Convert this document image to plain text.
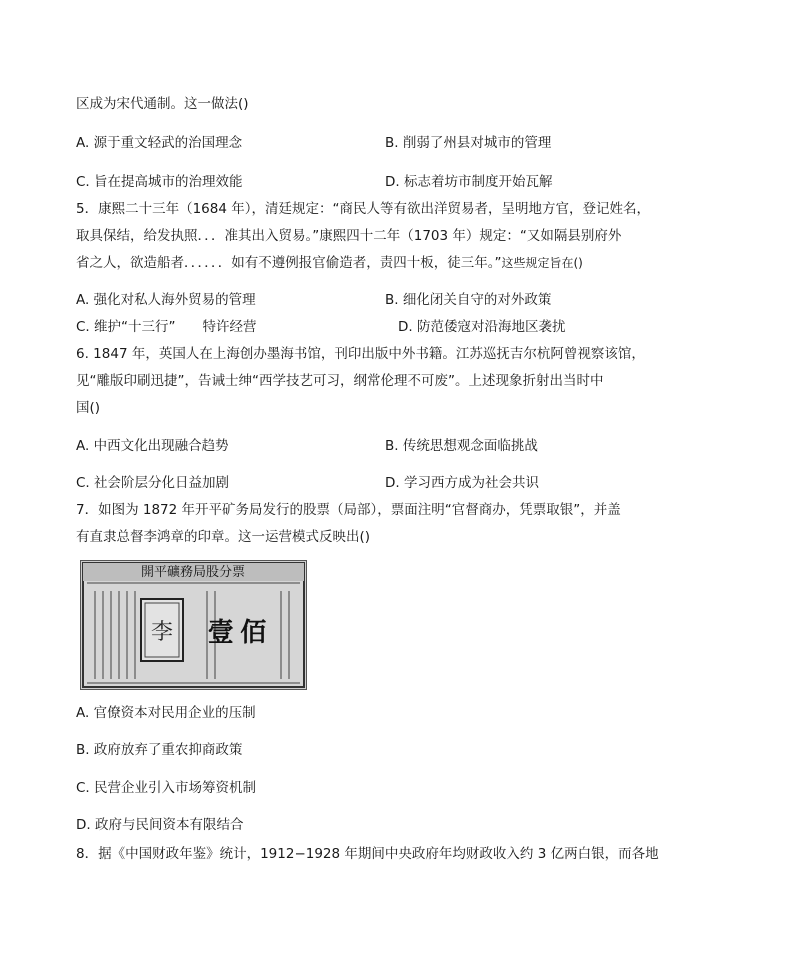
区成为宋代通制。这一做法()
A. 源于重文轻武的治国理念	B. 削弱了州县对城市的管理
C. 旨在提高城市的治理效能	D. 标志着坊市制度开始瓦解
5．康熙二十三年（1684 年），清廷规定：“商民人等有欲出洋贸易者，呈明地方官，登记姓名，
取具保结，给发执照．．．准其出入贸易。”康熙四十二年（1703 年）规定：“又如隔县别府外
省之人，欲造船者．．．．．．如有不遵例报官偷造者，责四十板，徒三年。”这些规定旨在()
A. 强化对私人海外贸易的管理	B. 细化闭关自守的对外政策
C. 维护“十三行”　　特许经营	D. 防范倭寇对沿海地区袭扰
6. 1847 年，英国人在上海创办墨海书馆，刊印出版中外书籍。江苏巡抚吉尔杭阿曾视察该馆，
见“雕版印刷迅捷”，告诫士绅“西学技艺可习，纲常伦理不可废”。上述现象折射出当时中
国()
A. 中西文化出现融合趋势	B. 传统思想观念面临挑战
C. 社会阶层分化日益加剧	D. 学习西方成为社会共识
7．如图为 1872 年开平矿务局发行的股票（局部），票面注明“官督商办，凭票取银”，并盖
有直隶总督李鸿章的印章。这一运营模式反映出()
開平礦務局股分票
李 壹 佰
A. 官僚资本对民用企业的压制
B. 政府放弃了重农抑商政策
C. 民营企业引入市场筹资机制
D. 政府与民间资本有限结合
8．据《中国财政年鉴》统计，1912−1928 年期间中央政府年均财政收入约 3 亿两白银，而各地
